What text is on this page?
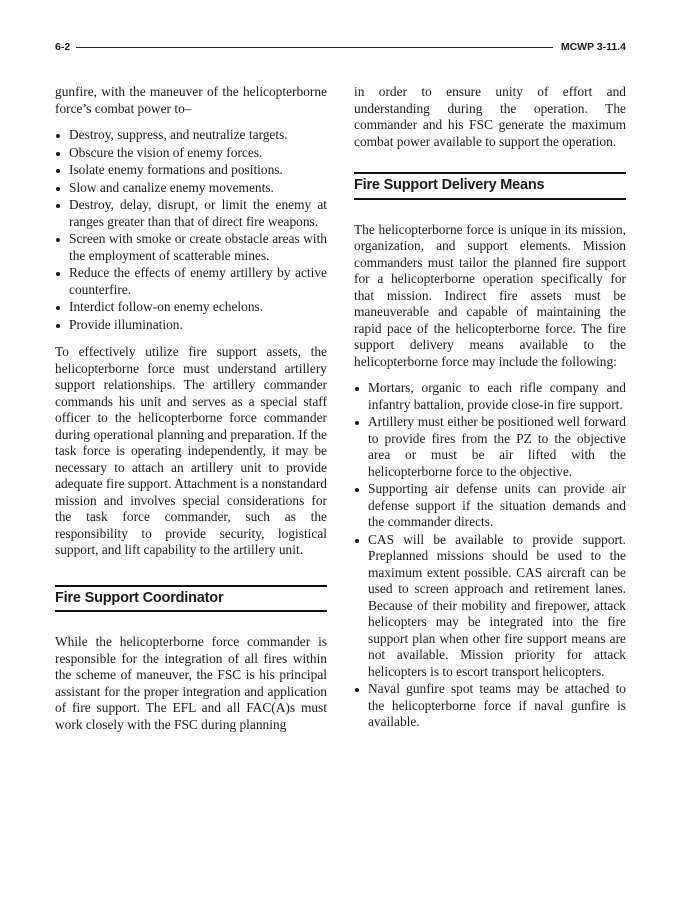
6-2	MCWP 3-11.4

gunfire, with the maneuver of the helicopterborne force’s combat power to–

Destroy, suppress, and neutralize targets.
Obscure the vision of enemy forces.
Isolate enemy formations and positions.
Slow and canalize enemy movements.
Destroy, delay, disrupt, or limit the enemy at ranges greater than that of direct fire weapons.
Screen with smoke or create obstacle areas with the employment of scatterable mines.
Reduce the effects of enemy artillery by active counterfire.
Interdict follow-on enemy echelons.
Provide illumination.

To effectively utilize fire support assets, the helicopterborne force must understand artillery support relationships. The artillery commander commands his unit and serves as a special staff officer to the helicopterborne force commander during operational planning and preparation. If the task force is operating independently, it may be necessary to attach an artillery unit to provide adequate fire support. Attachment is a nonstandard mission and involves special considerations for the task force commander, such as the responsibility to provide security, logistical support, and lift capability to the artillery unit.

Fire Support Coordinator

While the helicopterborne force commander is responsible for the integration of all fires within the scheme of maneuver, the FSC is his principal assistant for the proper integration and application of fire support. The EFL and all FAC(A)s must work closely with the FSC during planning

in order to ensure unity of effort and understanding during the operation. The commander and his FSC generate the maximum combat power available to support the operation.

Fire Support Delivery Means

The helicopterborne force is unique in its mission, organization, and support elements. Mission commanders must tailor the planned fire support for a helicopterborne operation specifically for that mission. Indirect fire assets must be maneuverable and capable of maintaining the rapid pace of the helicopterborne force. The fire support delivery means available to the helicopterborne force may include the following:

Mortars, organic to each rifle company and infantry battalion, provide close-in fire support.
Artillery must either be positioned well forward to provide fires from the PZ to the objective area or must be air lifted with the helicopterborne force to the objective.
Supporting air defense units can provide air defense support if the situation demands and the commander directs.
CAS will be available to provide support. Preplanned missions should be used to the maximum extent possible. CAS aircraft can be used to screen approach and retirement lanes. Because of their mobility and firepower, attack helicopters may be integrated into the fire support plan when other fire support means are not available. Mission priority for attack helicopters is to escort transport helicopters.
Naval gunfire spot teams may be attached to the helicopterborne force if naval gunfire is available.
